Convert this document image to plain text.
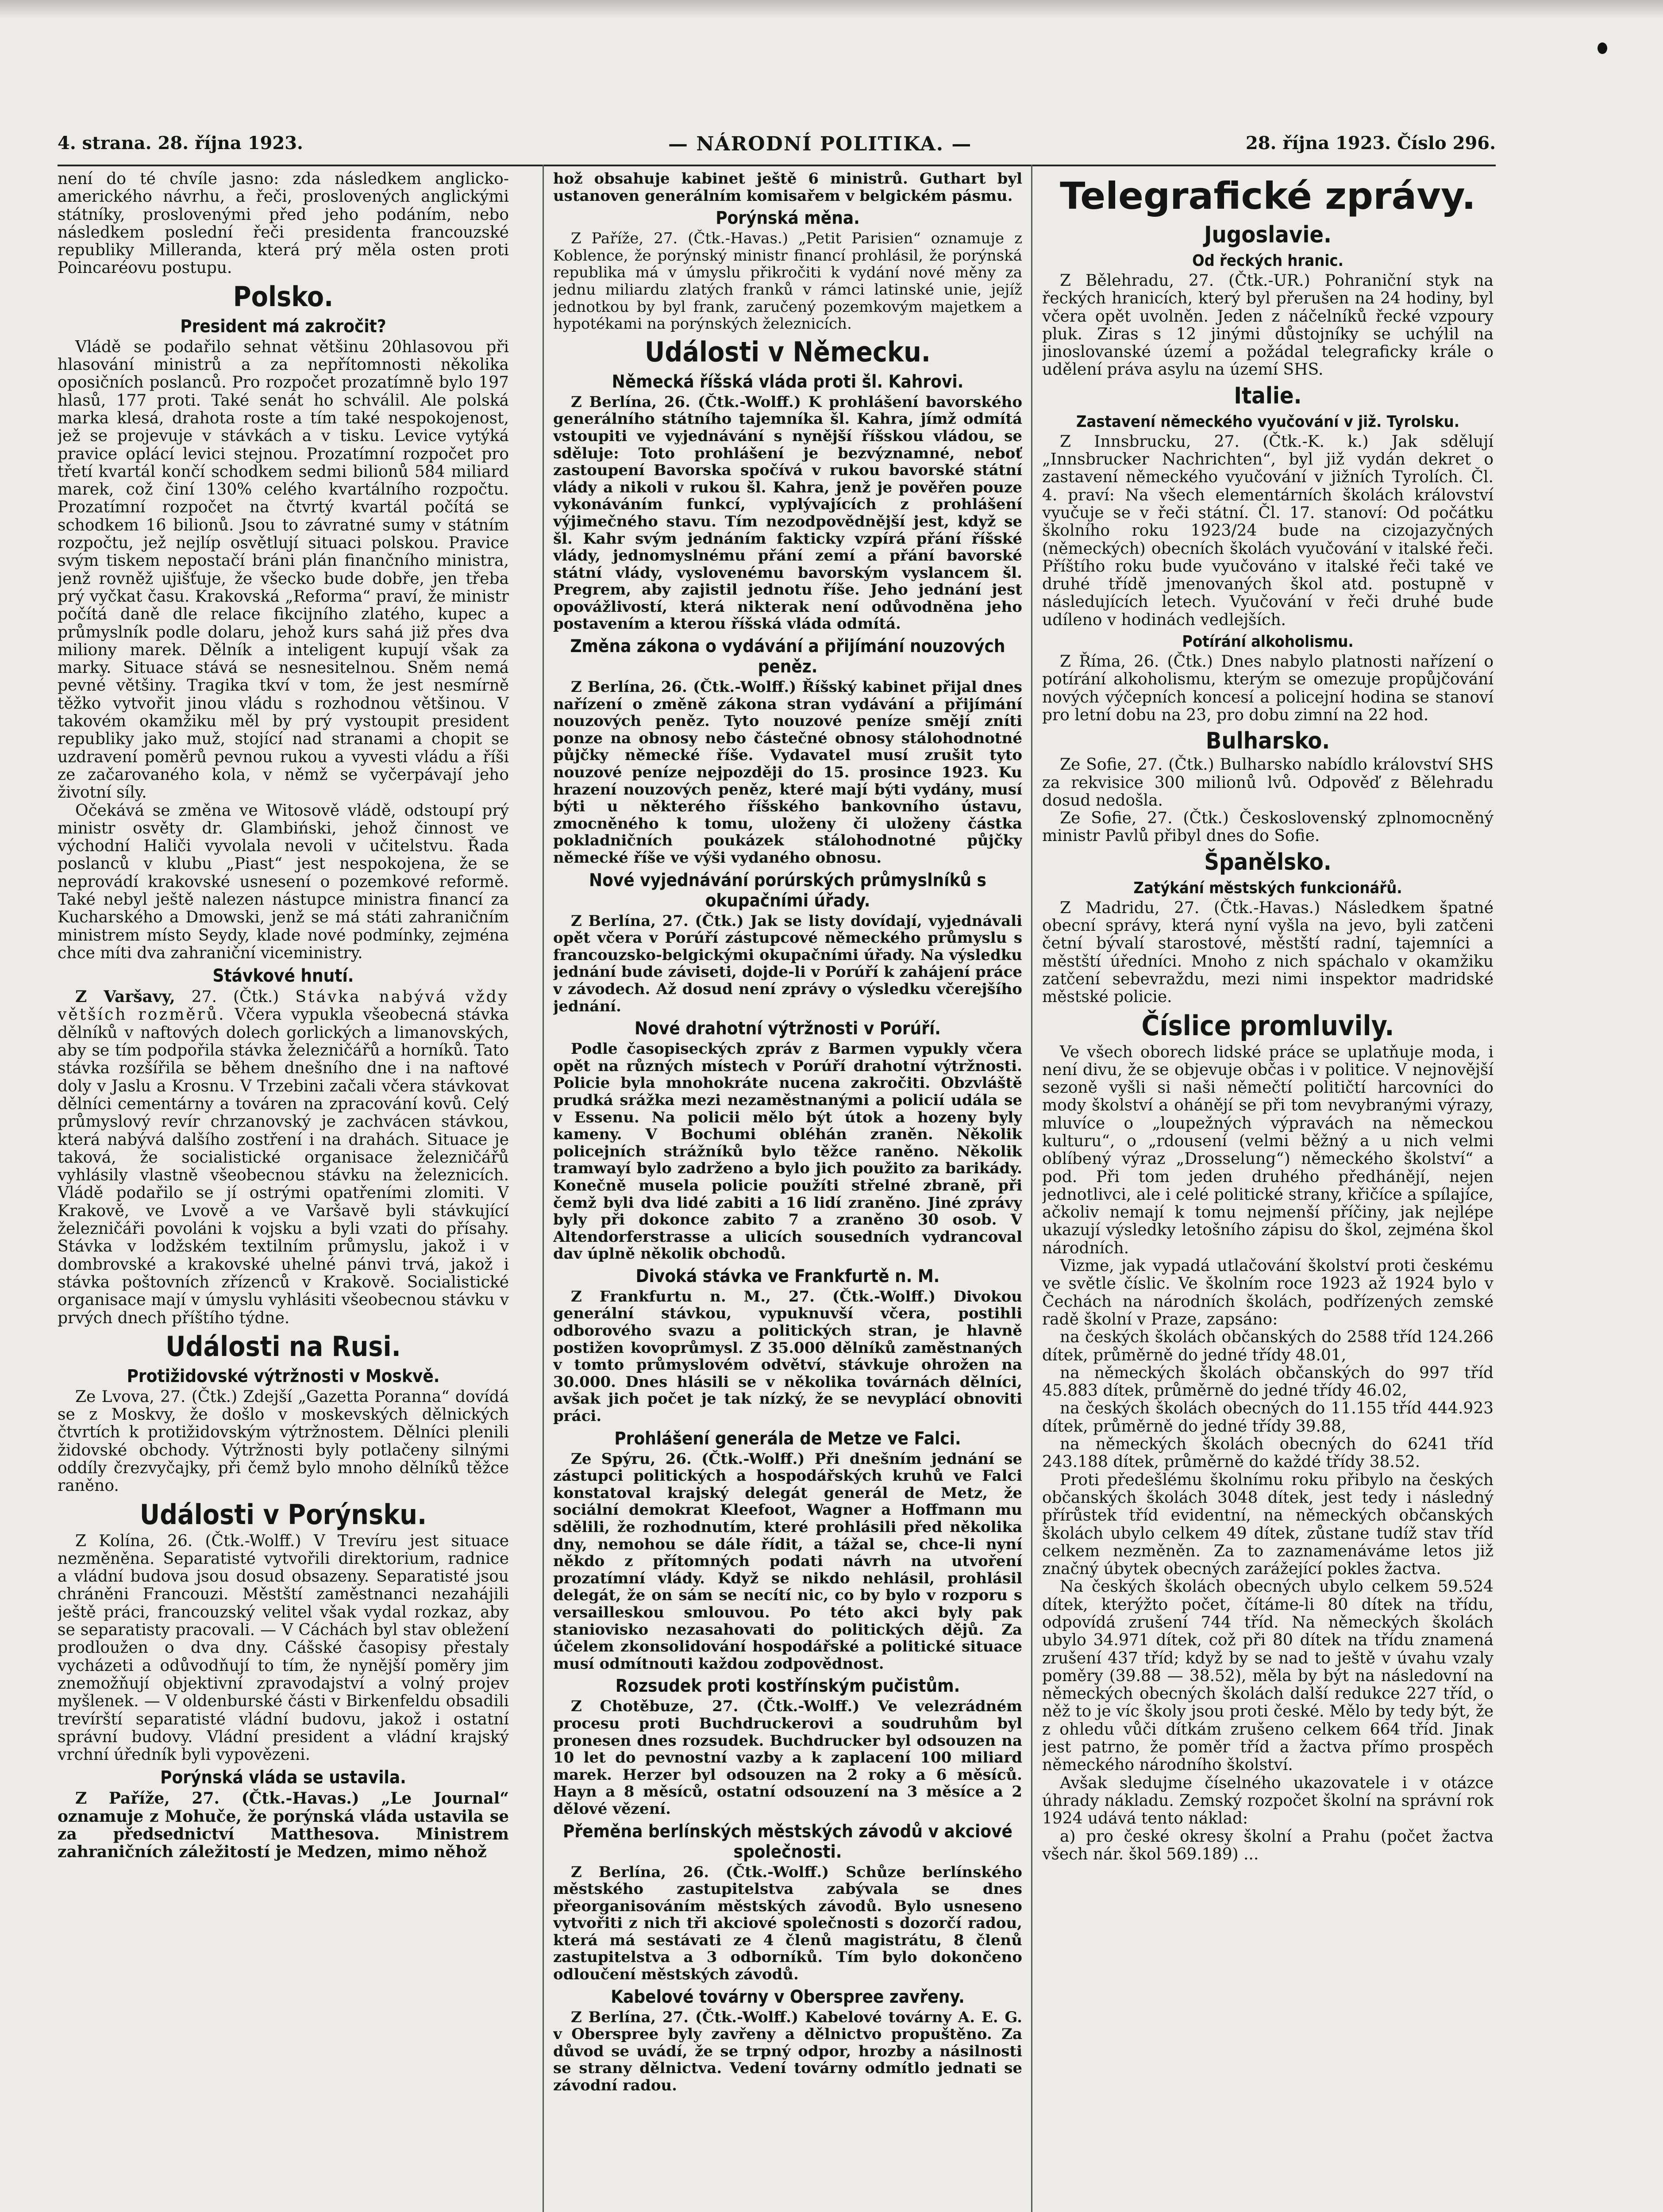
4. strana. 28. října 1923.	— NÁRODNÍ POLITIKA. —	28. října 1923. Číslo 296.

není do té chvíle jasno: zda následkem anglicko-amerického návrhu, a řeči, proslovených anglickými státníky, proslovenými před jeho podáním, nebo následkem poslední řeči presidenta francouzské republiky Millerandа, která prý měla osten proti Poincaréovu postupu.

Polsko.
President má zakročit?

Vládě se podařilo sehnat většinu 20hlasovou při hlasování ministrů a za nepřítomnosti několika oposičních poslanců. Pro rozpočet prozatímně bylo 197 hlasů, 177 proti. Také senát ho schválil. Ale polská marka klesá, drahota roste a tím také nespokojenost, jež se projevuje v stávkách a v tisku. Levice vytýká pravice oplácí levici stejnou. Prozatímní rozpočet pro třetí kvartál končí schodkem sedmi bilionů 584 miliard marek, což činí 130% celého kvartálního rozpočtu. Prozatímní rozpočet na čtvrtý kvartál počítá se schodkem 16 bilionů. Jsou to závratné sumy v státním rozpočtu, jež nejlíp osvětlují situaci polskou. Pravice svým tiskem nepostačí bráni plán finančního ministra, jenž rovněž ujišťuje, že všecko bude dobře, jen třeba prý vyčkat času. Krakovská „Reforma“ praví, že ministr počítá daně dle relace fikcijního zlatého, kupec a průmyslník podle dolaru, jehož kurs sahá již přes dva miliony marek. Dělník a inteligent kupují však za marky. Situace stává se nesnesitelnou. Sněm nemá pevné většiny. Tragika tkví v tom, že jest nesmírně těžko vytvořit jinou vládu s rozhodnou většinou. V takovém okamžiku měl by prý vystoupit president republiky jako muž, stojící nad stranami a chopit se uzdravení poměrů pevnou rukou a vyvesti vládu a říši ze začarovaného kola, v němž se vyčerpávají jeho životní síly.

Očekává se změna ve Witosově vládě, odstoupí prý ministr osvěty dr. Glambiński, jehož činnost ve východní Haliči vyvolala nevoli v učitelstvu. Řada poslanců v klubu „Piast“ jest nespokojena, že se neprovádí krakovské usnesení o pozemkové reformě. Také nebyl ještě nalezen nástupce ministra financí za Kucharského a Dmowski, jenž se má státi zahraničním ministrem místo Seydy, klade nové podmínky, zejména chce míti dva zahraniční viceministry.

Stávkové hnutí.

Z Varšavy, 27. (Čtk.) Stávka nabývá vždy větších rozměrů. Včera vypukla všeobecná stávka dělníků v naftových dolech gorlických a limanovských, aby se tím podpořila stávka železničářů a horníků. Tato stávka rozšířila se během dnešního dne i na naftové doly v Jaslu a Krosnu. V Trzebini začali včera stávkovat dělníci cementárny a továren na zpracování kovů. Celý průmyslový revír chrzanovský je zachvácen stávkou, která nabývá dalšího zostření i na drahách. Situace je taková, že socialistické organisace železničářů vyhlásily vlastně všeobecnou stávku na železnicích. Vládě podařilo se jí ostrými opatřeními zlomiti. V Krakově, ve Lvově a ve Varšavě byli stávkující železničáři povoláni k vojsku a byli vzati do přísahy. Stávka v lodžském textilním průmyslu, jakož i v dombrovské a krakovské uhelné pánvi trvá, jakož i stávka poštovních zřízenců v Krakově. Socialistické organisace mají v úmyslu vyhlásiti všeobecnou stávku v prvých dnech příštího týdne.

Události na Rusi.
Protižidovské výtržnosti v Moskvě.

Ze Lvova, 27. (Čtk.) Zdejší „Gazetta Poranna“ dovídá se z Moskvy, že došlo v moskevských dělnických čtvrtích k protižidovským výtržnostem. Dělníci plenili židovské obchody. Výtržnosti byly potlačeny silnými oddíly črezvyčajky, při čemž bylo mnoho dělníků těžce raněno.

Události v Porýnsku.

Z Kolína, 26. (Čtk.-Wolff.) V Trevíru jest situace nezměněna. Separatisté vytvořili direktorium, radnice a vládní budova jsou dosud obsazeny. Separatisté jsou chráněni Francouzi. Městští zaměstnanci nezahájili ještě práci, francouzský velitel však vydal rozkaz, aby se separatisty pracovali. — V Cáchách byl stav obležení prodloužen o dva dny. Cášské časopisy přestaly vycházeti a odůvodňují to tím, že nynější poměry jim znemožňují objektivní zpravodajství a volný projev myšlenek. — V oldenburské části v Birkenfeldu obsadili trevírští separatisté vládní budovu, jakož i ostatní správní budovy. Vládní president a vládní krajský vrchní úředník byli vypovězeni.

Porýnská vláda se ustavila.

Z Paříže, 27. (Čtk.-Havas.) „Le Journal“ oznamuje z Mohuče, že porýnská vláda ustavila se za předsednictví Matthesova. Ministrem zahraničních záležitostí je Medzen, mimo něhož

hož obsahuje kabinet ještě 6 ministrů. Guthart byl ustanoven generálním komisařem v belgickém pásmu.

Porýnská měna.

Z Paříže, 27. (Čtk.-Havas.) „Petit Parisien“ oznamuje z Koblence, že porýnský ministr financí prohlásil, že porýnská republika má v úmyslu přikročiti k vydání nové měny za jednu miliardu zlatých franků v rámci latinské unie, jejíž jednotkou by byl frank, zaručený pozemkovým majetkem a hypotékami na porýnských železnicích.

Události v Německu.
Německá říšská vláda proti šl. Kahrovi.

Z Berlína, 26. (Čtk.-Wolff.) K prohlášení bavorského generálního státního tajemníka šl. Kahra, jímž odmítá vstoupiti ve vyjednávání s nynější říšskou vládou, se sděluje: Toto prohlášení je bezvýznamné, neboť zastoupení Bavorska spočívá v rukou bavorské státní vlády a nikoli v rukou šl. Kahra, jenž je pověřen pouze vykonáváním funkcí, vyplývajících z prohlášení výjimečného stavu. Tím nezodpovědnější jest, když se šl. Kahr svým jednáním fakticky vzpírá přání říšské vlády, jednomyslnému přání zemí a přání bavorské státní vlády, vyslovenému bavorským vyslancem šl. Pregrem, aby zajistil jednotu říše. Jeho jednání jest opovážlivostí, která nikterak není odůvodněna jeho postavením a kterou říšská vláda odmítá.

Změna zákona o vydávání a přijímání nouzových peněz.

Z Berlína, 26. (Čtk.-Wolff.) Říšský kabinet přijal dnes nařízení o změně zákona stran vydávání a přijímání nouzových peněz. Tyto nouzové peníze smějí zníti ponze na obnosy nebo částečné obnosy stálohodnotné půjčky německé říše. Vydavatel musí zrušit tyto nouzové peníze nejpozději do 15. prosince 1923. Ku hrazení nouzových peněz, které mají býti vydány, musí býti u některého říšského bankovního ústavu, zmocněného k tomu, uloženy či uloženy částka pokladničních poukázek stálohodnotné půjčky německé říše ve výši vydaného obnosu.

Nové vyjednávání porúrských průmyslníků s okupačními úřady.

Z Berlína, 27. (Čtk.) Jak se listy dovídají, vyjednávali opět včera v Porúří zástupcové německého průmyslu s francouzsko-belgickými okupačními úřady. Na výsledku jednání bude záviseti, dojde-li v Porúří k zahájení práce v závodech. Až dosud není zprávy o výsledku včerejšího jednání.

Nové drahotní výtržnosti v Porúří.

Podle časopiseckých zpráv z Barmen vypukly včera opět na různých místech v Porúří drahotní výtržnosti. Policie byla mnohokráte nucena zakročiti. Obzvláště prudká srážka mezi nezaměstnanými a policií udála se v Essenu. Na policii mělo být útok a hozeny byly kameny. V Bochumi obléhán zraněn. Několik policejních strážníků bylo těžce raněno. Několik tramwayí bylo zadrženo a bylo jich použito za barikády. Konečně musela policie použíti střelné zbraně, při čemž byli dva lidé zabiti a 16 lidí zraněno. Jiné zprávy byly při dokonce zabito 7 a zraněno 30 osob. V Altendorferstrasse a ulicích sousedních vydrancoval dav úplně několik obchodů.

Divoká stávka ve Frankfurtě n. M.

Z Frankfurtu n. M., 27. (Čtk.-Wolff.) Divokou generální stávkou, vypuknuvší včera, postihli odborového svazu a politických stran, je hlavně postižen kovoprůmysl. Z 35.000 dělníků zaměstnaných v tomto průmyslovém odvětví, stávkuje ohrožen na 30.000. Dnes hlásili se v několika továrnách dělníci, avšak jich počet je tak nízký, že se nevyplácí obnoviti práci.

Prohlášení generála de Metze ve Falci.

Ze Spýru, 26. (Čtk.-Wolff.) Při dnešním jednání se zástupci politických a hospodářských kruhů ve Falci konstatoval krajský delegát generál de Metz, že sociální demokrat Kleefoot, Wagner a Hoffmann mu sdělili, že rozhodnutím, které prohlásili před několika dny, nemohou se dále řídit, a tážal se, chce-li nyní někdo z přítomných podati návrh na utvoření prozatímní vlády. Když se nikdo nehlásil, prohlásil delegát, že on sám se necítí nic, co by bylo v rozporu s versailleskou smlouvou. Po této akci byly pak staniovisko nezasahovati do politických dějů. Za účelem zkonsolidování hospodářské a politické situace musí odmítnouti každou zodpovědnost.

Rozsudek proti kostřínským pučistům.

Z Chotěbuze, 27. (Čtk.-Wolff.) Ve velezrádném procesu proti Buchdruckerovi a soudruhům byl pronesen dnes rozsudek. Buchdrucker byl odsouzen na 10 let do pevnostní vazby a k zaplacení 100 miliard marek. Herzer byl odsouzen na 2 roky a 6 měsíců. Hayn a 8 měsíců, ostatní odsouzení na 3 měsíce a 2 dělové vězení.

Přeměna berlínských městských závodů v akciové společnosti.

Z Berlína, 26. (Čtk.-Wolff.) Schůze berlínského městského zastupitelstva zabývala se dnes přeorganisováním městských závodů. Bylo usneseno vytvořiti z nich tři akciové společnosti s dozorčí radou, která má sestávati ze 4 členů magistrátu, 8 členů zastupitelstva a 3 odborníků. Tím bylo dokončeno odloučení městských závodů.

Kabelové továrny v Oberspree zavřeny.

Z Berlína, 27. (Čtk.-Wolff.) Kabelové továrny A. E. G. v Oberspree byly zavřeny a dělnictvo propuštěno. Za důvod se uvádí, že se trpný odpor, hrozby a násilnosti se strany dělnictva. Vedení továrny odmítlo jednati se závodní radou.

Telegrafické zprávy.
Jugoslavie.
Od řeckých hranic.

Z Bělehradu, 27. (Čtk.-UR.) Pohraniční styk na řeckých hranicích, který byl přerušen na 24 hodiny, byl včera opět uvolněn. Jeden z náčelníků řecké vzpoury pluk. Ziras s 12 jinými důstojníky se uchýlil na jinoslovanské území a požádal telegraficky krále o udělení práva asylu na území SHS.

Italie.
Zastavení německého vyučování v již. Tyrolsku.

Z Innsbrucku, 27. (Čtk.-K. k.) Jak sdělují „Innsbrucker Nachrichten“, byl již vydán dekret o zastavení německého vyučování v jižních Tyrolích. Čl. 4. praví: Na všech elementárních školách království vyučuje se v řeči státní. Čl. 17. stanoví: Od počátku školního roku 1923/24 bude na cizojazyčných (německých) obecních školách vyučování v italské řeči. Příštího roku bude vyučováno v italské řeči také ve druhé třídě jmenovaných škol atd. postupně v následujících letech. Vyučování v řeči druhé bude udíleno v hodinách vedlejších.

Potírání alkoholismu.

Z Říma, 26. (Čtk.) Dnes nabylo platnosti nařízení o potírání alkoholismu, kterým se omezuje propůjčování nových výčepních koncesí a policejní hodina se stanoví pro letní dobu na 23, pro dobu zimní na 22 hod.

Bulharsko.

Ze Sofie, 27. (Čtk.) Bulharsko nabídlo království SHS za rekvisice 300 milionů lvů. Odpověď z Bělehradu dosud nedošla.

Ze Sofie, 27. (Čtk.) Československý zplnomocněný ministr Pavlů přibyl dnes do Sofie.

Španělsko.
Zatýkání městských funkcionářů.

Z Madridu, 27. (Čtk.-Havas.) Následkem špatné obecní správy, která nyní vyšla na jevo, byli zatčeni četní bývalí starostové, městští radní, tajemníci a městští úředníci. Mnoho z nich spáchalo v okamžiku zatčení sebevraždu, mezi nimi inspektor madridské městské policie.

Číslice promluvily.

Ve všech oborech lidské práce se uplatňuje moda, i není divu, že se objevuje občas i v politice. V nejnovější sezoně vyšli si naši němečtí političtí harcovníci do mody školství a ohánějí se při tom nevybranými výrazy, mluvíce o „loupežných výpravách na německou kulturu“, o „rdousení (velmi běžný a u nich velmi oblíbený výraz „Drosselung“) německého školství“ a pod. Při tom jeden druhého předhánějí, nejen jednotlivci, ale i celé politické strany, křičíce a spílajíce, ačkoliv nemají k tomu nejmenší příčiny, jak nejlépe ukazují výsledky letošního zápisu do škol, zejména škol národních.

Vizme, jak vypadá utlačování školství proti českému ve světle číslic. Ve školním roce 1923 až 1924 bylo v Čechách na národních školách, podřízených zemské radě školní v Praze, zapsáno:

na českých školách občanských do 2588 tříd 124.266 dítek, průměrně do jedné třídy 48.01,

na německých školách občanských do 997 tříd 45.883 dítek, průměrně do jedné třídy 46.02,

na českých školách obecných do 11.155 tříd 444.923 dítek, průměrně do jedné třídy 39.88,

na německých školách obecných do 6241 tříd 243.188 dítek, průměrně do každé třídy 38.52.

Proti předešlému školnímu roku přibylo na českých občanských školách 3048 dítek, jest tedy i následný přírůstek tříd evidentní, na německých občanských školách ubylo celkem 49 dítek, zůstane tudíž stav tříd celkem nezměněn. Za to zaznamenáváme letos již značný úbytek obecných zarážející pokles žactva.

Na českých školách obecných ubylo celkem 59.524 dítek, kterýžto počet, čítáme-li 80 dítek na třídu, odpovídá zrušení 744 tříd. Na německých školách ubylo 34.971 dítek, což při 80 dítek na třídu znamená zrušení 437 tříd; když by se nad to ještě v úvahu vzaly poměry (39.88 — 38.52), měla by být na následovní na německých obecných školách další redukce 227 tříd, o něž to je víc školy jsou proti české. Mělo by tedy být, že z ohledu vůči dítkám zrušeno celkem 664 tříd. Jinak jest patrno, že poměr tříd a žactva přímo prospěch německého národního školství.

Avšak sledujme číselného ukazovatele i v otázce úhrady nákladu. Zemský rozpočet školní na správní rok 1924 udává tento náklad:

a) pro české okresy školní a Prahu (počet žactva všech nár. škol 569.189) ...
